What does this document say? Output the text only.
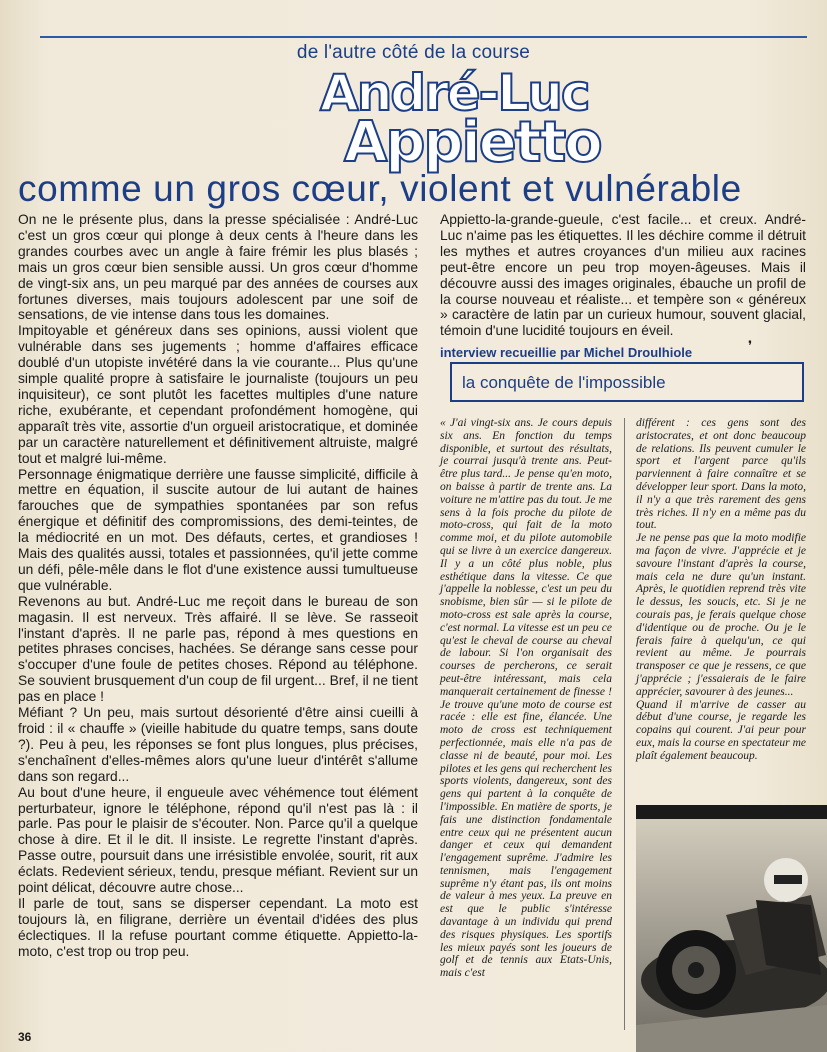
de l'autre côté de la course
André-Luc
Appietto
comme un gros cœur, violent et vulnérable

On ne le présente plus, dans la presse spécialisée : André-Luc c'est un gros cœur qui plonge à deux cents à l'heure dans les grandes courbes avec un angle à faire frémir les plus blasés ; mais un gros cœur bien sensible aussi. Un gros cœur d'homme de vingt-six ans, un peu marqué par des années de courses aux fortunes diverses, mais toujours adolescent par une soif de sensations, de vie intense dans tous les domaines.

Impitoyable et généreux dans ses opinions, aussi violent que vulnérable dans ses jugements ; homme d'affaires efficace doublé d'un utopiste invétéré dans la vie courante... Plus qu'une simple qualité propre à satisfaire le journaliste (toujours un peu inquisiteur), ce sont plutôt les facettes multiples d'une nature riche, exubérante, et cependant profondément homogène, qui apparaît très vite, assortie d'un orgueil aristocratique, et dominée par un caractère naturellement et définitivement altruiste, malgré tout et malgré lui-même.

Personnage énigmatique derrière une fausse simplicité, difficile à mettre en équation, il suscite autour de lui autant de haines farouches que de sympathies spontanées par son refus énergique et définitif des compromissions, des demi-teintes, de la médiocrité en un mot. Des défauts, certes, et grandioses ! Mais des qualités aussi, totales et passionnées, qu'il jette comme un défi, pêle-mêle dans le flot d'une existence aussi tumultueuse que vulnérable.

Revenons au but. André-Luc me reçoit dans le bureau de son magasin. Il est nerveux. Très affairé. Il se lève. Se rasseoit l'instant d'après. Il ne parle pas, répond à mes questions en petites phrases concises, hachées. Se dérange sans cesse pour s'occuper d'une foule de petites choses. Répond au téléphone. Se souvient brusquement d'un coup de fil urgent... Bref, il ne tient pas en place !

Méfiant ? Un peu, mais surtout désorienté d'être ainsi cueilli à froid : il « chauffe » (vieille habitude du quatre temps, sans doute ?). Peu à peu, les réponses se font plus longues, plus précises, s'enchaînent d'elles-mêmes alors qu'une lueur d'intérêt s'allume dans son regard...

Au bout d'une heure, il engueule avec véhémence tout élément perturbateur, ignore le téléphone, répond qu'il n'est pas là : il parle. Pas pour le plaisir de s'écouter. Non. Parce qu'il a quelque chose à dire. Et il le dit. Il insiste. Le regrette l'instant d'après. Passe outre, poursuit dans une irrésistible envolée, sourit, rit aux éclats. Redevient sérieux, tendu, presque méfiant. Revient sur un point délicat, découvre autre chose...

Il parle de tout, sans se disperser cependant. La moto est toujours là, en filigrane, derrière un éventail d'idées des plus éclectiques. Il la refuse pourtant comme étiquette. Appietto-la-moto, c'est trop ou trop peu.

Appietto-la-grande-gueule, c'est facile... et creux. André-Luc n'aime pas les étiquettes. Il les déchire comme il détruit les mythes et autres croyances d'un milieu aux racines peut-être encore un peu trop moyen-âgeuses. Mais il découvre aussi des images originales, ébauche un profil de la course nouveau et réaliste... et tempère son « généreux » caractère de latin par un curieux humour, souvent glacial, témoin d'une lucidité toujours en éveil.
interview recueillie par Michel Droulhiole	❜
la conquête de l'impossible

« J'ai vingt-six ans. Je cours depuis six ans. En fonction du temps disponible, et surtout des résultats, je courrai jusqu'à trente ans. Peut-être plus tard... Je pense qu'en moto, on baisse à partir de trente ans. La voiture ne m'attire pas du tout. Je me sens à la fois proche du pilote de moto-cross, qui fait de la moto comme moi, et du pilote automobile qui se livre à un exercice dangereux. Il y a un côté plus noble, plus esthétique dans la vitesse. Ce que j'appelle la noblesse, c'est un peu du snobisme, bien sûr — si le pilote de moto-cross est sale après la course, c'est normal. La vitesse est un peu ce qu'est le cheval de course au cheval de labour. Si l'on organisait des courses de percherons, ce serait peut-être intéressant, mais cela manquerait certainement de finesse ! Je trouve qu'une moto de course est racée : elle est fine, élancée. Une moto de cross est techniquement perfectionnée, mais elle n'a pas de classe ni de beauté, pour moi. Les pilotes et les gens qui recherchent les sports violents, dangereux, sont des gens qui partent à la conquête de l'impossible. En matière de sports, je fais une distinction fondamentale entre ceux qui ne présentent aucun danger et ceux qui demandent l'engagement suprême. J'admire les tennismen, mais l'engagement suprême n'y étant pas, ils ont moins de valeur à mes yeux. La preuve en est que le public s'intéresse davantage à un individu qui prend des risques physiques. Les sportifs les mieux payés sont les joueurs de golf et de tennis aux Etats-Unis, mais c'est

différent : ces gens sont des aristocrates, et ont donc beaucoup de relations. Ils peuvent cumuler le sport et l'argent parce qu'ils parviennent à faire connaître et se développer leur sport. Dans la moto, il n'y a que très rarement des gens très riches. Il n'y en a même pas du tout.

Je ne pense pas que la moto modifie ma façon de vivre. J'apprécie et je savoure l'instant d'après la course, mais cela ne dure qu'un instant. Après, le quotidien reprend très vite le dessus, les soucis, etc. Si je ne courais pas, je ferais quelque chose d'identique ou de proche. Ou je le ferais faire à quelqu'un, ce qui revient au même. Je pourrais transposer ce que je ressens, ce que j'apprécie ; j'essaierais de le faire apprécier, savourer à des jeunes...

Quand il m'arrive de casser au début d'une course, je regarde les copains qui courent. J'ai peur pour eux, mais la course en spectateur me plaît également beaucoup.

36
